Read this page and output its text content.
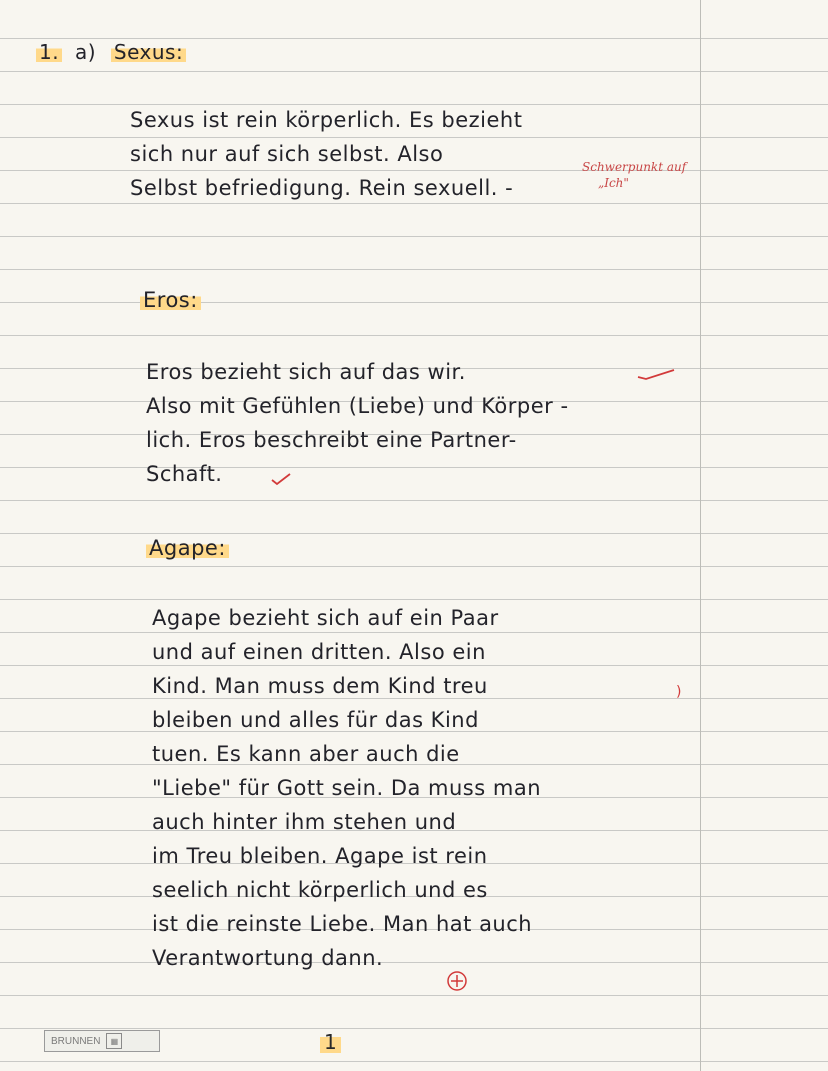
1. a) Sexus:
Sexus ist rein körperlich. Es bezieht
sich nur auf sich selbst. Also
Selbst befriedigung. Rein sexuell. -
Schwerpunkt auf
„Ich"
Eros:
Eros bezieht sich auf das wir.
Also mit Gefühlen (Liebe) und Körper -
lich. Eros beschreibt eine Partner-
Schaft.
Agape:
Agape bezieht sich auf ein Paar
und auf einen dritten. Also ein
Kind. Man muss dem Kind treu	)
bleiben und alles für das Kind
tuen. Es kann aber auch die
"Liebe" für Gott sein. Da muss man
auch hinter ihm stehen und
im Treu bleiben. Agape ist rein
seelich nicht körperlich und es
ist die reinste Liebe. Man hat auch
Verantwortung dann.
BRUNNEN	▦	1
